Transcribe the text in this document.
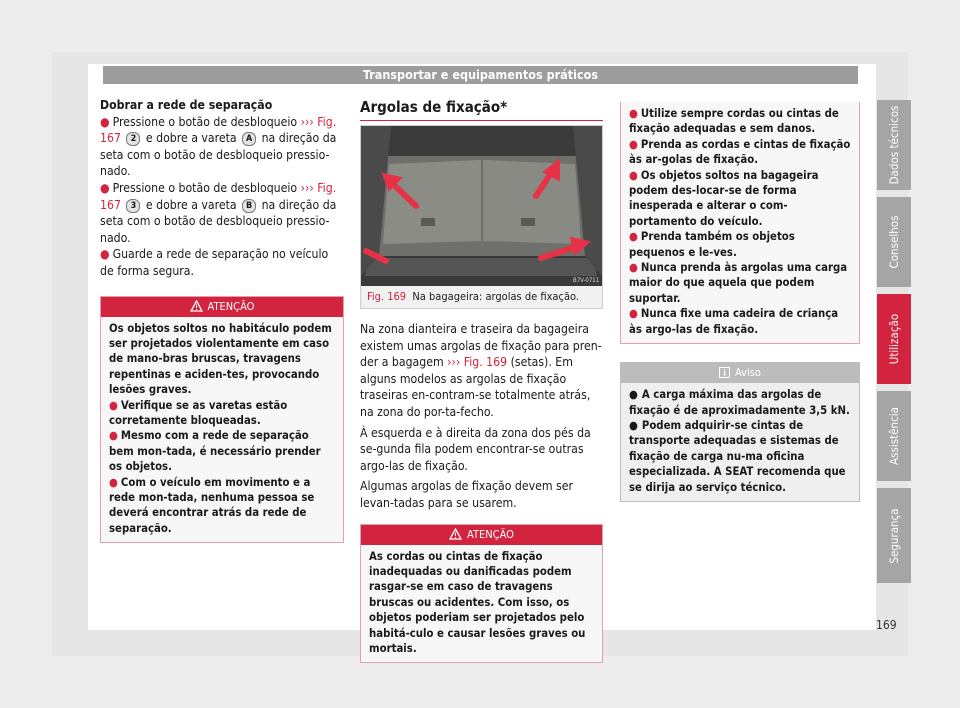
Transportar e equipamentos práticos

Dobrar a rede de separação

● Pressione o botão de desbloqueio ››› Fig. 167 2 e dobre a vareta A na direção da seta com o botão de desbloqueio pressio-nado.

● Pressione o botão de desbloqueio ››› Fig. 167 3 e dobre a vareta B na direção da seta com o botão de desbloqueio pressio-nado.

● Guarde a rede de separação no veículo de forma segura.

ATENÇÃO

Os objetos soltos no habitáculo podem ser projetados violentamente em caso de mano-bras bruscas, travagens repentinas e aciden-tes, provocando lesões graves.

● Verifique se as varetas estão corretamente bloqueadas.

● Mesmo com a rede de separação bem mon-tada, é necessário prender os objetos.

● Com o veículo em movimento e a rede mon-tada, nenhuma pessoa se deverá encontrar atrás da rede de separação.

Argolas de fixação*
B7V-0711
Fig. 169 Na bagageira: argolas de fixação.

Na zona dianteira e traseira da bagageira existem umas argolas de fixação para pren-der a bagagem ››› Fig. 169 (setas). Em alguns modelos as argolas de fixação traseiras en-contram-se totalmente atrás, na zona do por-ta-fecho.

À esquerda e à direita da zona dos pés da se-gunda fila podem encontrar-se outras argo-las de fixação.

Algumas argolas de fixação devem ser levan-tadas para se usarem.

ATENÇÃO

As cordas ou cintas de fixação inadequadas ou danificadas podem rasgar-se em caso de travagens bruscas ou acidentes. Com isso, os objetos poderiam ser projetados pelo habitá-culo e causar lesões graves ou mortais.

● Utilize sempre cordas ou cintas de fixação adequadas e sem danos.

● Prenda as cordas e cintas de fixação às ar-golas de fixação.

● Os objetos soltos na bagageira podem des-locar-se de forma inesperada e alterar o com-portamento do veículo.

● Prenda também os objetos pequenos e le-ves.

● Nunca prenda às argolas uma carga maior do que aquela que podem suportar.

● Nunca fixe uma cadeira de criança às argo-las de fixação.

Aviso

● A carga máxima das argolas de fixação é de aproximadamente 3,5 kN.

● Podem adquirir-se cintas de transporte adequadas e sistemas de fixação de carga nu-ma oficina especializada. A SEAT recomenda que se dirija ao serviço técnico.

Dados técnicos
Conselhos
Utilização
Assistência
Segurança
169
